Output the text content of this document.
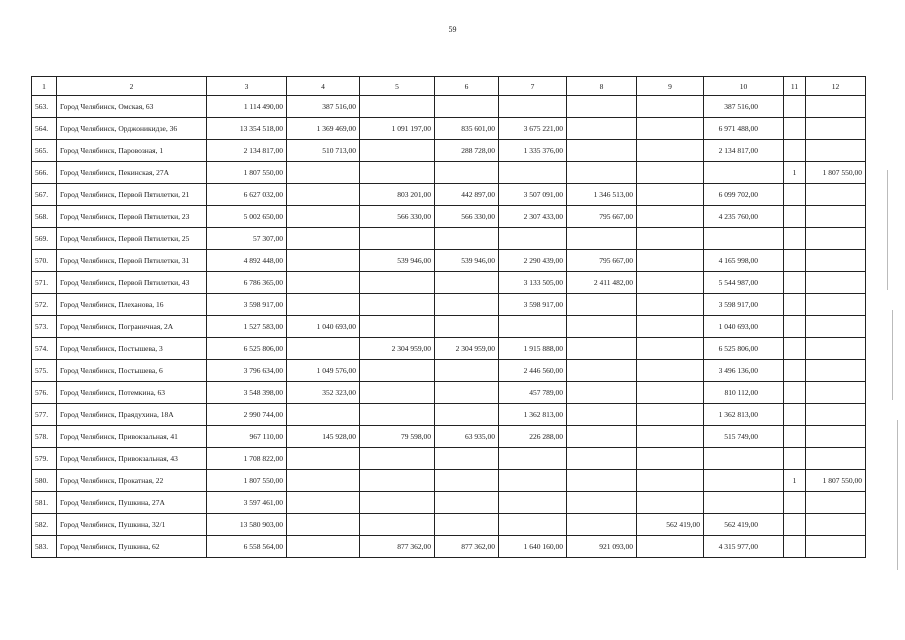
59
1	2	3	4	5	6	7	8	9	10	11	12
563.	Город Челябинск, Омская, 63	1 114 490,00	387 516,00						387 516,00		
564.	Город Челябинск, Орджоникидзе, 36	13 354 518,00	1 369 469,00	1 091 197,00	835 601,00	3 675 221,00			6 971 488,00		
565.	Город Челябинск, Паровозная, 1	2 134 817,00	510 713,00		288 728,00	1 335 376,00			2 134 817,00		
566.	Город Челябинск, Пекинская, 27А	1 807 550,00								1	1 807 550,00
567.	Город Челябинск, Первой Пятилетки, 21	6 627 032,00		803 201,00	442 897,00	3 507 091,00	1 346 513,00		6 099 702,00		
568.	Город Челябинск, Первой Пятилетки, 23	5 002 650,00		566 330,00	566 330,00	2 307 433,00	795 667,00		4 235 760,00		
569.	Город Челябинск, Первой Пятилетки, 25	57 307,00									
570.	Город Челябинск, Первой Пятилетки, 31	4 892 448,00		539 946,00	539 946,00	2 290 439,00	795 667,00		4 165 998,00		
571.	Город Челябинск, Первой Пятилетки, 43	6 786 365,00				3 133 505,00	2 411 482,00		5 544 987,00		
572.	Город Челябинск, Плеханова, 16	3 598 917,00				3 598 917,00			3 598 917,00		
573.	Город Челябинск, Пограничная, 2А	1 527 583,00	1 040 693,00						1 040 693,00		
574.	Город Челябинск, Постышева, 3	6 525 806,00		2 304 959,00	2 304 959,00	1 915 888,00			6 525 806,00		
575.	Город Челябинск, Постышева, 6	3 796 634,00	1 049 576,00			2 446 560,00			3 496 136,00		
576.	Город Челябинск, Потемкина, 63	3 548 398,00	352 323,00			457 789,00			810 112,00		
577.	Город Челябинск, Праядухина, 18А	2 990 744,00				1 362 813,00			1 362 813,00		
578.	Город Челябинск, Привокзальная, 41	967 110,00	145 928,00	79 598,00	63 935,00	226 288,00			515 749,00		
579.	Город Челябинск, Привокзальная, 43	1 708 822,00									
580.	Город Челябинск, Прокатная, 22	1 807 550,00								1	1 807 550,00
581.	Город Челябинск, Пушкина, 27А	3 597 461,00									
582.	Город Челябинск, Пушкина, 32/1	13 580 903,00						562 419,00	562 419,00		
583.	Город Челябинск, Пушкина, 62	6 558 564,00		877 362,00	877 362,00	1 640 160,00	921 093,00		4 315 977,00		
